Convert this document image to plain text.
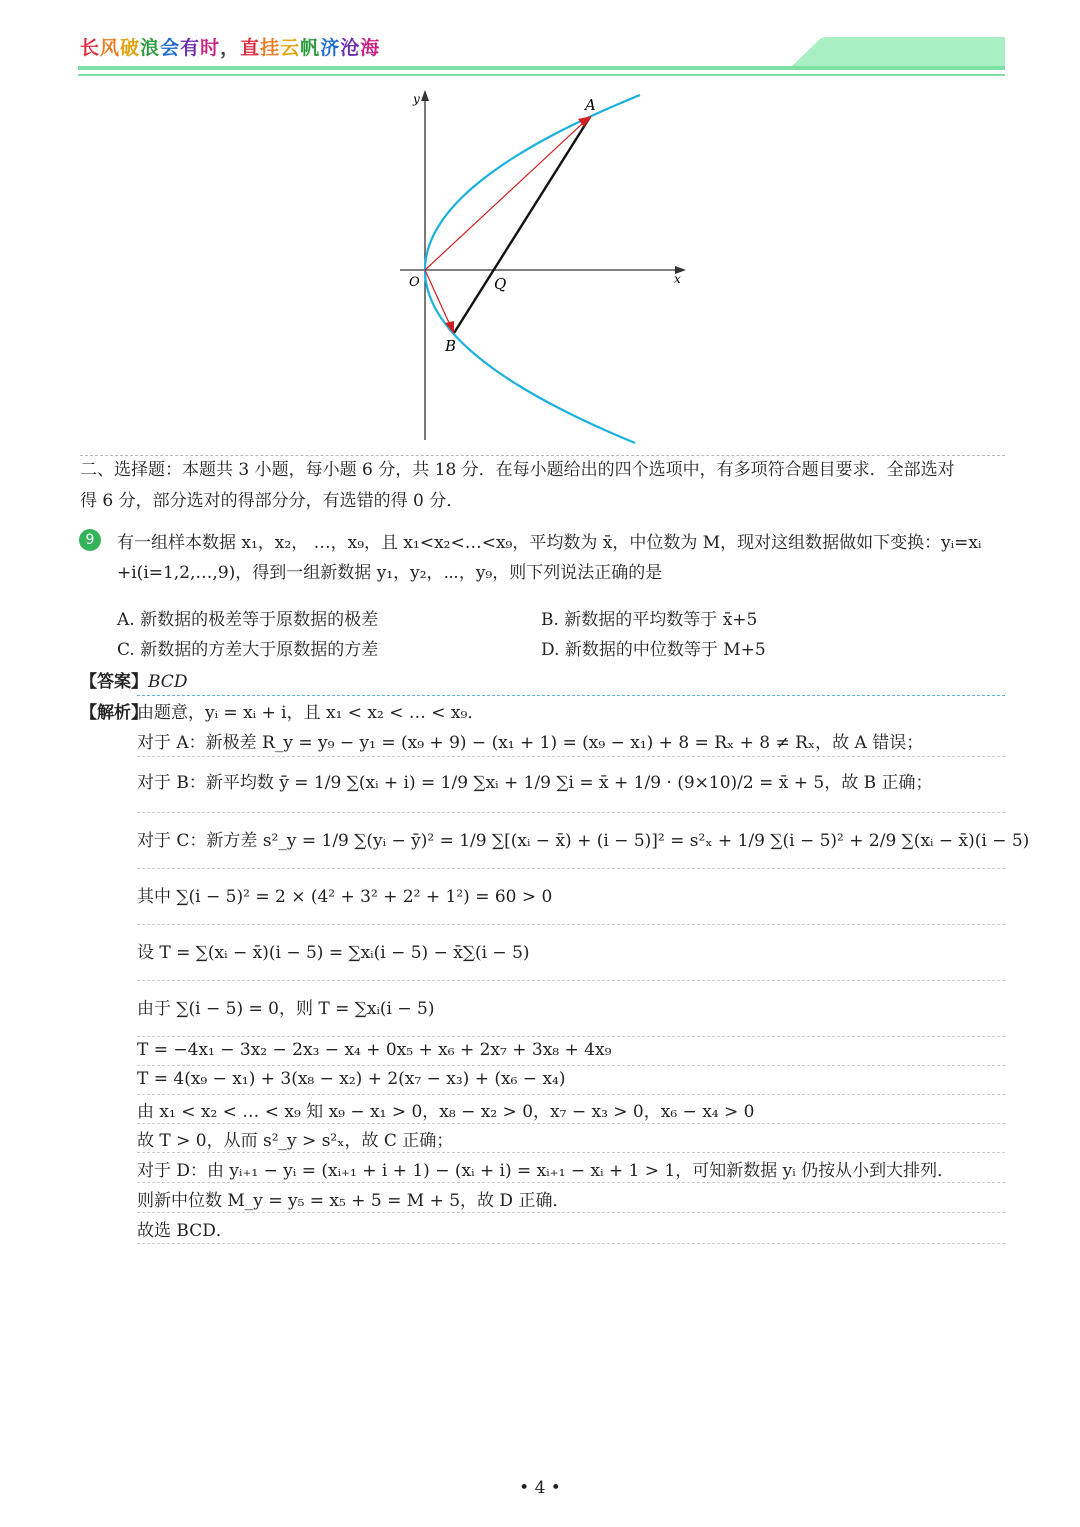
长风破浪会有时，直挂云帆济沧海
y
x
A
O	Q
B
二、选择题：本题共 3 小题，每小题 6 分，共 18 分．在每小题给出的四个选项中，有多项符合题目要求．全部选对
得 6 分，部分选对的得部分分，有选错的得 0 分．
9	有一组样本数据 x₁，x₂， …，x₉，且 x₁<x₂<…<x₉，平均数为 x̄，中位数为 M，现对这组数据做如下变换：yᵢ=xᵢ
+i(i=1,2,…,9)，得到一组新数据 y₁，y₂，⋯，y₉，则下列说法正确的是
A. 新数据的极差等于原数据的极差	B. 新数据的平均数等于 x̄+5
C. 新数据的方差大于原数据的方差	D. 新数据的中位数等于 M+5
【答案】BCD
【解析】
由题意，yᵢ = xᵢ + i，且 x₁ < x₂ < … < x₉．
对于 A：新极差 R_y = y₉ − y₁ = (x₉ + 9) − (x₁ + 1) = (x₉ − x₁) + 8 = Rₓ + 8 ≠ Rₓ，故 A 错误；
对于 B：新平均数 ȳ = 1/9 ∑(xᵢ + i) = 1/9 ∑xᵢ + 1/9 ∑i = x̄ + 1/9 · (9×10)/2 = x̄ + 5，故 B 正确；
对于 C：新方差 s²_y = 1/9 ∑(yᵢ − ȳ)² = 1/9 ∑[(xᵢ − x̄) + (i − 5)]² = s²ₓ + 1/9 ∑(i − 5)² + 2/9 ∑(xᵢ − x̄)(i − 5)
其中 ∑(i − 5)² = 2 × (4² + 3² + 2² + 1²) = 60 > 0
设 T = ∑(xᵢ − x̄)(i − 5) = ∑xᵢ(i − 5) − x̄∑(i − 5)
由于 ∑(i − 5) = 0，则 T = ∑xᵢ(i − 5)
T = −4x₁ − 3x₂ − 2x₃ − x₄ + 0x₅ + x₆ + 2x₇ + 3x₈ + 4x₉
T = 4(x₉ − x₁) + 3(x₈ − x₂) + 2(x₇ − x₃) + (x₆ − x₄)
由 x₁ < x₂ < … < x₉ 知 x₉ − x₁ > 0，x₈ − x₂ > 0，x₇ − x₃ > 0，x₆ − x₄ > 0
故 T > 0，从而 s²_y > s²ₓ，故 C 正确；
对于 D：由 yᵢ₊₁ − yᵢ = (xᵢ₊₁ + i + 1) − (xᵢ + i) = xᵢ₊₁ − xᵢ + 1 > 1，可知新数据 yᵢ 仍按从小到大排列．
则新中位数 M_y = y₅ = x₅ + 5 = M + 5，故 D 正确．
故选 BCD．
• 4 •
